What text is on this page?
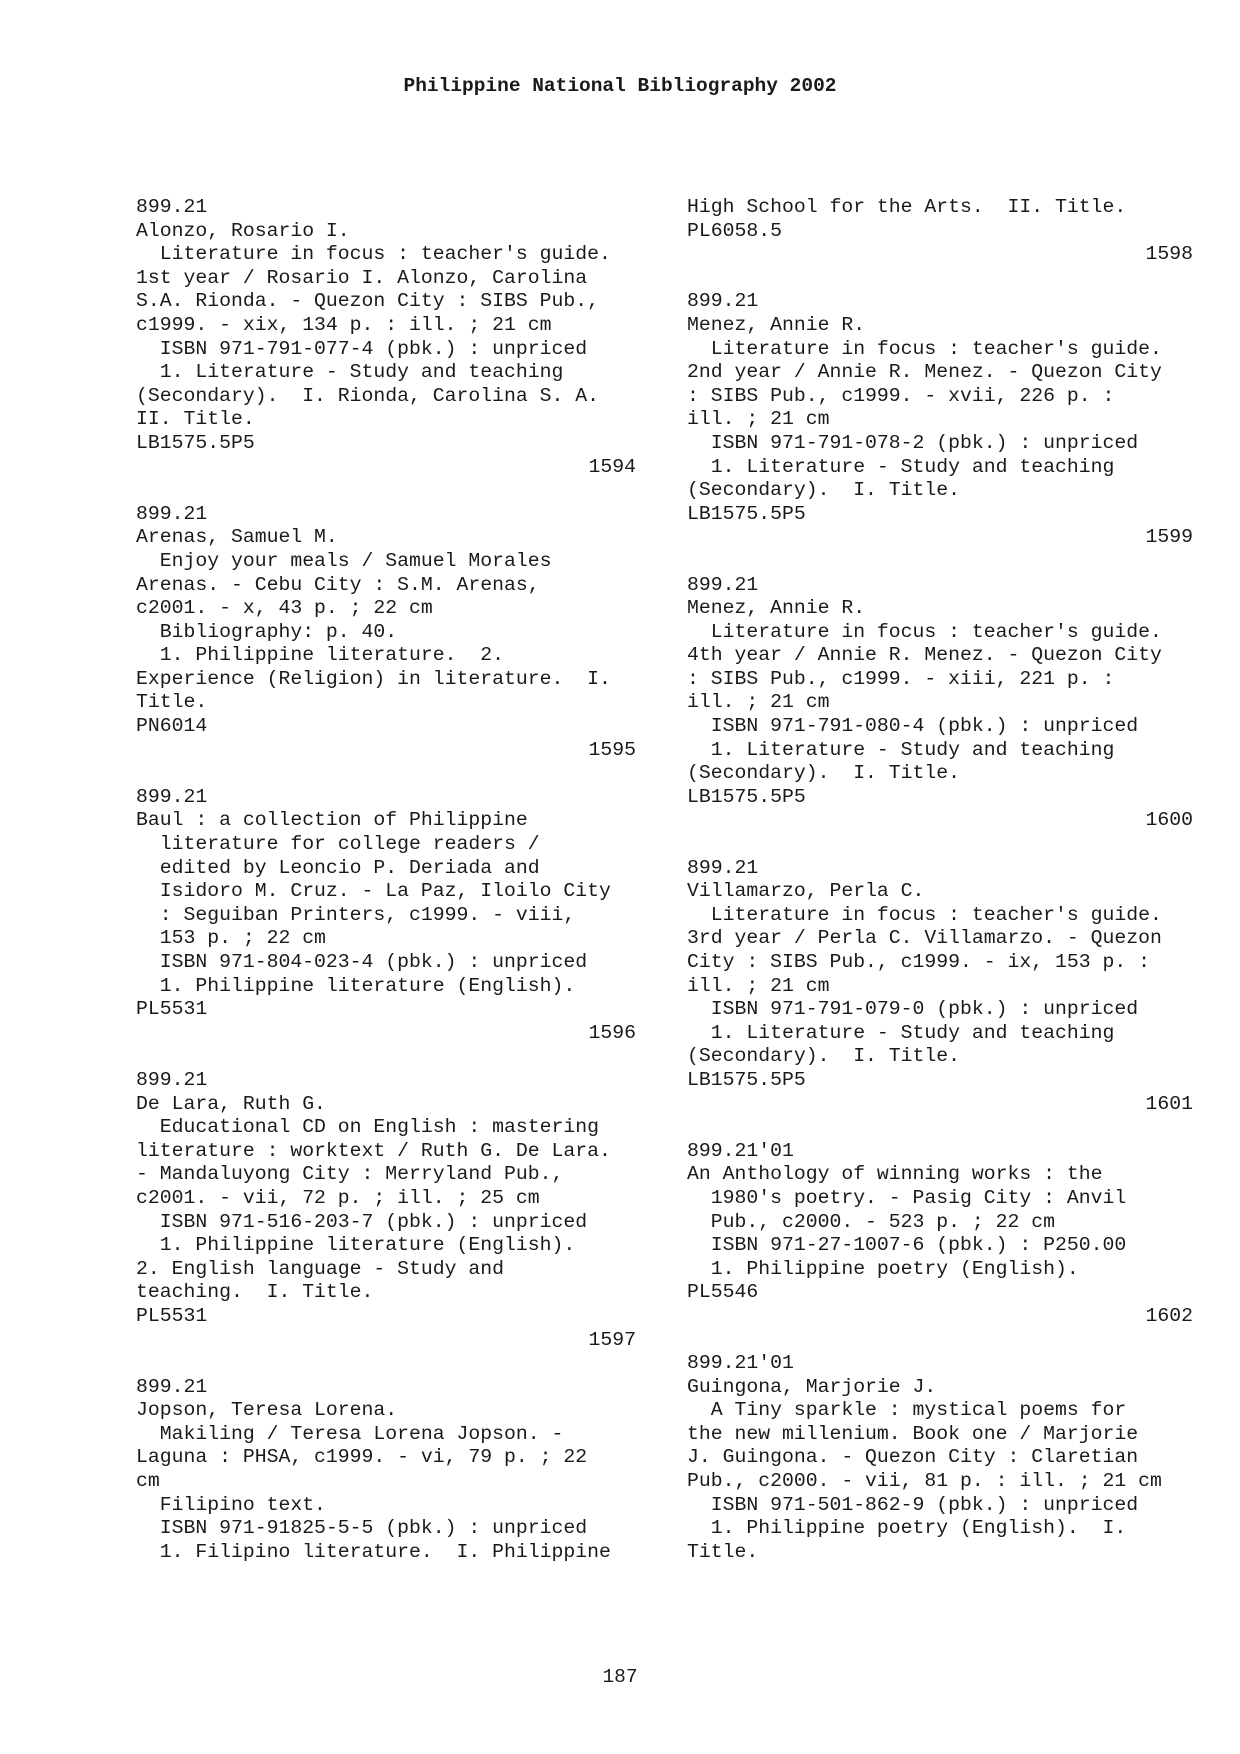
Philippine National Bibliography 2002
899.21
Alonzo, Rosario I.
Literature in focus : teacher's guide.
1st year / Rosario I. Alonzo, Carolina
S.A. Rionda. - Quezon City : SIBS Pub.,
c1999. - xix, 134 p. : ill. ; 21 cm
ISBN 971-791-077-4 (pbk.) : unpriced
1. Literature - Study and teaching
(Secondary).  I. Rionda, Carolina S. A.
II. Title.
LB1575.5P5
1594
899.21
Arenas, Samuel M.
Enjoy your meals / Samuel Morales
Arenas. - Cebu City : S.M. Arenas,
c2001. - x, 43 p. ; 22 cm
Bibliography: p. 40.
1. Philippine literature.  2.
Experience (Religion) in literature.  I.
Title.
PN6014
1595
899.21
Baul : a collection of Philippine
literature for college readers /
edited by Leoncio P. Deriada and
Isidoro M. Cruz. - La Paz, Iloilo City
: Seguiban Printers, c1999. - viii,
153 p. ; 22 cm
ISBN 971-804-023-4 (pbk.) : unpriced
1. Philippine literature (English).
PL5531
1596
899.21
De Lara, Ruth G.
Educational CD on English : mastering
literature : worktext / Ruth G. De Lara.
- Mandaluyong City : Merryland Pub.,
c2001. - vii, 72 p. ; ill. ; 25 cm
ISBN 971-516-203-7 (pbk.) : unpriced
1. Philippine literature (English).
2. English language - Study and
teaching.  I. Title.
PL5531
1597
899.21
Jopson, Teresa Lorena.
Makiling / Teresa Lorena Jopson. -
Laguna : PHSA, c1999. - vi, 79 p. ; 22
cm
Filipino text.
ISBN 971-91825-5-5 (pbk.) : unpriced
1. Filipino literature.  I. Philippine
High School for the Arts.  II. Title.
PL6058.5
1598
899.21
Menez, Annie R.
Literature in focus : teacher's guide.
2nd year / Annie R. Menez. - Quezon City
: SIBS Pub., c1999. - xvii, 226 p. :
ill. ; 21 cm
ISBN 971-791-078-2 (pbk.) : unpriced
1. Literature - Study and teaching
(Secondary).  I. Title.
LB1575.5P5
1599
899.21
Menez, Annie R.
Literature in focus : teacher's guide.
4th year / Annie R. Menez. - Quezon City
: SIBS Pub., c1999. - xiii, 221 p. :
ill. ; 21 cm
ISBN 971-791-080-4 (pbk.) : unpriced
1. Literature - Study and teaching
(Secondary).  I. Title.
LB1575.5P5
1600
899.21
Villamarzo, Perla C.
Literature in focus : teacher's guide.
3rd year / Perla C. Villamarzo. - Quezon
City : SIBS Pub., c1999. - ix, 153 p. :
ill. ; 21 cm
ISBN 971-791-079-0 (pbk.) : unpriced
1. Literature - Study and teaching
(Secondary).  I. Title.
LB1575.5P5
1601
899.21'01
An Anthology of winning works : the
1980's poetry. - Pasig City : Anvil
Pub., c2000. - 523 p. ; 22 cm
ISBN 971-27-1007-6 (pbk.) : P250.00
1. Philippine poetry (English).
PL5546
1602
899.21'01
Guingona, Marjorie J.
A Tiny sparkle : mystical poems for
the new millenium. Book one / Marjorie
J. Guingona. - Quezon City : Claretian
Pub., c2000. - vii, 81 p. : ill. ; 21 cm
ISBN 971-501-862-9 (pbk.) : unpriced
1. Philippine poetry (English).  I.
Title.
187
